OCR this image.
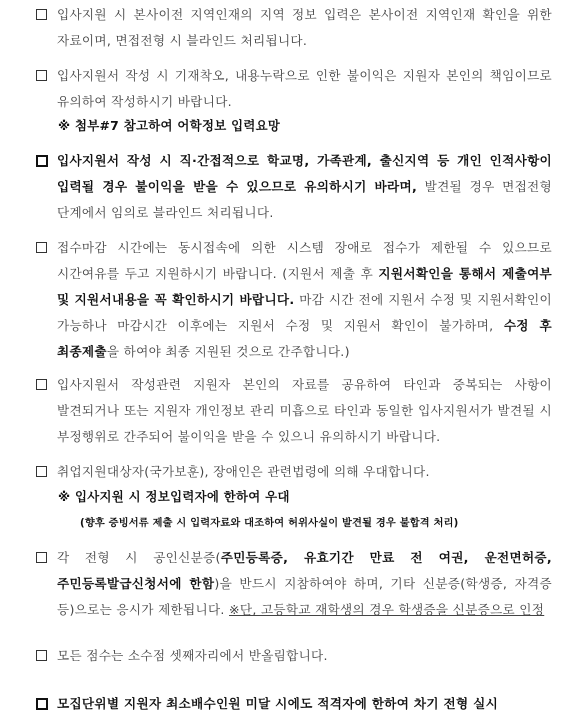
입사지원 시 본사이전 지역인재의 지역 정보 입력은 본사이전 지역인재 확인을 위한 자료이며, 면접전형 시 블라인드 처리됩니다.
입사지원서 작성 시 기재착오, 내용누락으로 인한 불이익은 지원자 본인의 책임이므로 유의하여 작성하시기 바랍니다.
※ 첨부#7 참고하여 어학정보 입력요망
입사지원서 작성 시 직·간접적으로 학교명, 가족관계, 출신지역 등 개인 인적사항이 입력될 경우 불이익을 받을 수 있으므로 유의하시기 바라며, 발견될 경우 면접전형 단계에서 임의로 블라인드 처리됩니다.
접수마감 시간에는 동시접속에 의한 시스템 장애로 접수가 제한될 수 있으므로 시간여유를 두고 지원하시기 바랍니다. (지원서 제출 후 지원서확인을 통해서 제출여부 및 지원서내용을 꼭 확인하시기 바랍니다. 마감 시간 전에 지원서 수정 및 지원서확인이 가능하나 마감시간 이후에는 지원서 수정 및 지원서 확인이 불가하며, 수정 후 최종제출을 하여야 최종 지원된 것으로 간주합니다.)
입사지원서 작성관련 지원자 본인의 자료를 공유하여 타인과 중복되는 사항이 발견되거나 또는 지원자 개인정보 관리 미흡으로 타인과 동일한 입사지원서가 발견될 시 부정행위로 간주되어 불이익을 받을 수 있으니 유의하시기 바랍니다.
취업지원대상자(국가보훈), 장애인은 관련법령에 의해 우대합니다.
※ 입사지원 시 정보입력자에 한하여 우대
(향후 증빙서류 제출 시 입력자료와 대조하여 허위사실이 발견될 경우 불합격 처리)
각 전형 시 공인신분증(주민등록증, 유효기간 만료 전 여권, 운전면허증, 주민등록발급신청서에 한함)을 반드시 지참하여야 하며, 기타 신분증(학생증, 자격증 등)으로는 응시가 제한됩니다. ※단, 고등학교 재학생의 경우 학생증을 신분증으로 인정
모든 점수는 소수점 셋째자리에서 반올림합니다.
모집단위별 지원자 최소배수인원 미달 시에도 적격자에 한하여 차기 전형 실시
